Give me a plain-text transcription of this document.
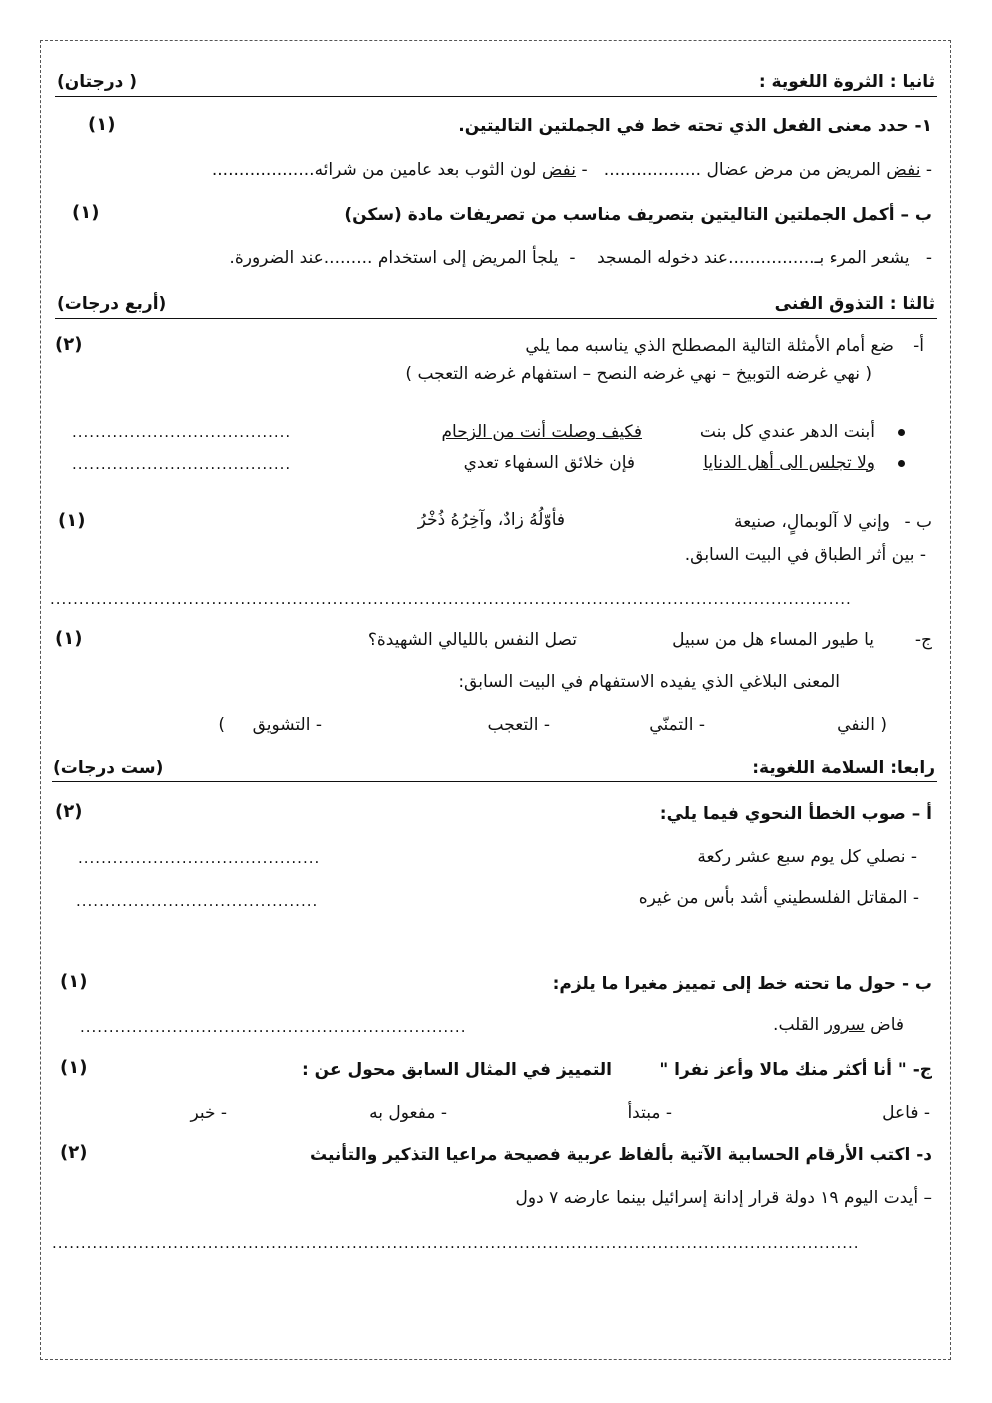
ثانيا : الثروة اللغوية :
( درجتان)
١- حدد معنى الفعل الذي تحته خط في الجملتين التاليتين.
(١)
- نفض المريض من مرض عضال ..................   - نفض لون الثوب بعد عامين من شرائه...................
ب – أكمل الجملتين التاليتين بتصريف مناسب من تصريفات مادة (سكن)
(١)
-   يشعر المرء بـ................عند دخوله المسجد    -  يلجأ المريض إلى استخدام .........عند الضرورة.
ثالثا : التذوق الفنى
(أربع درجات)
أ-
ضع أمام الأمثلة التالية المصطلح الذي يناسبه مما يلي
(٢)
( نهي غرضه التوبيخ – نهي غرضه النصح – استفهام غرضه التعجب )
أبنت الدهر عندي كل بنت
فكيف وصلت أنت من الزحام
......................................
ولا تجلس الى أهل الدنايا
فإن خلائق السفهاء تعدي
......................................
ب -
وإني لا آلوبمالٍ، صنيعة
فأوّلُهُ زادٌ، وآخِرُهُ ذُخْرُ
(١)
- بين أثر الطباق في البيت السابق.
...........................................................................................................................................
ج-
يا طيور المساء هل من سبيل
تصل النفس بالليالي الشهيدة؟
(١)
المعنى البلاغي الذي يفيده الاستفهام في البيت السابق:
( النفي
- التمنّي
- التعجب
- التشويق
)
رابعا: السلامة اللغوية:
(ست درجات)
أ – صوب الخطأ النحوي فيما يلي:
(٢)
- نصلي كل يوم سبع عشر ركعة
..........................................
- المقاتل الفلسطيني أشد بأس من غيره
..........................................
ب - حول ما تحته خط إلى تمييز مغيرا ما يلزم:
(١)
فاض سرور القلب.
...................................................................
ج- " أنا أكثر منك مالا وأعز نفرا "
التمييز في المثال السابق محول عن :
(١)
- فاعل
- مبتدأ
- مفعول به
- خبر
د- اكتب الأرقام الحسابية الآتية بألفاظ عربية فصيحة مراعيا التذكير والتأنيث
(٢)
– أيدت اليوم ١٩ دولة قرار إدانة إسرائيل بينما عارضه ٧ دول
............................................................................................................................................
